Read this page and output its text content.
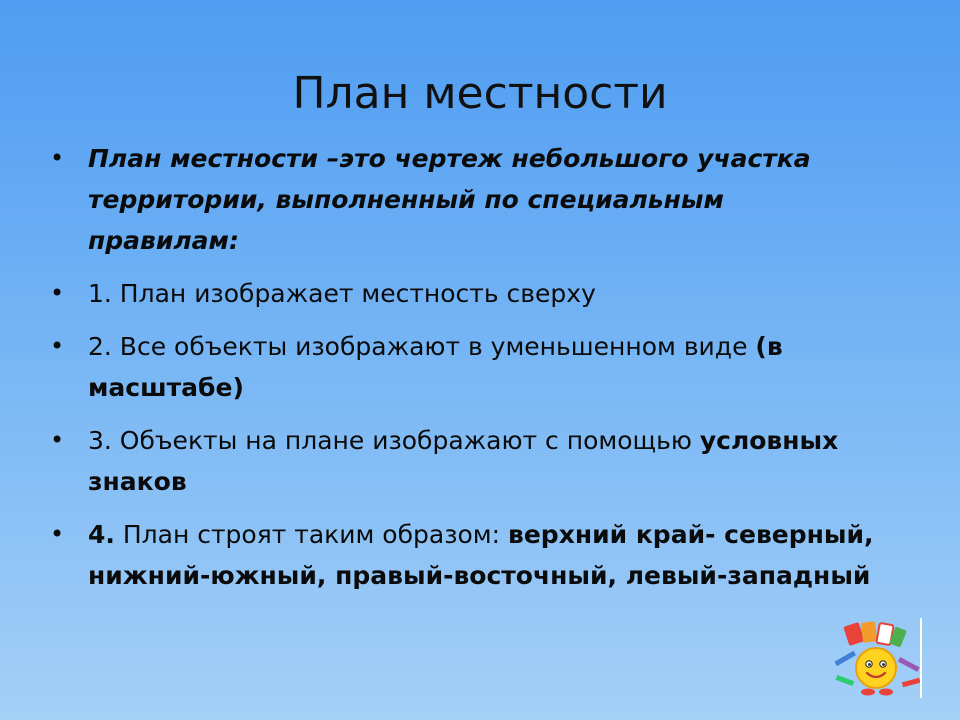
План местности
• План местности –это чертеж небольшого участка территории, выполненный по специальным правилам:
• 1. План изображает местность сверху
• 2. Все объекты изображают в уменьшенном виде (в масштабе)
• 3. Объекты на плане изображают с помощью условных знаков
• 4. План строят таким образом: верхний край- северный, нижний-южный, правый-восточный, левый-западный
